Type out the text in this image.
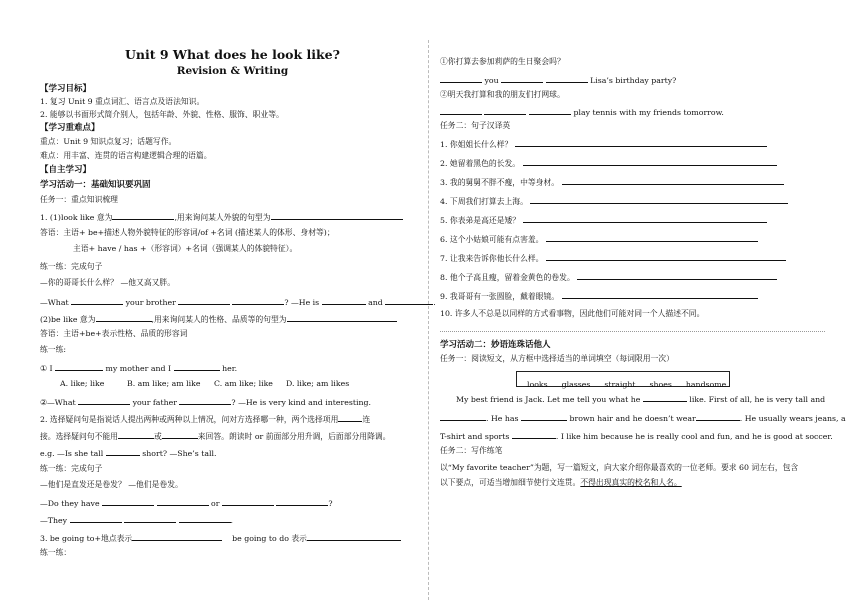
Unit 9 What does he look like?
Revision & Writing
【学习目标】
1. 复习 Unit 9 重点词汇、语言点及语法知识。
2. 能够以书面形式简介别人，包括年龄、外貌、性格、服饰、职业等。
【学习重难点】
重点：Unit 9 知识点复习；话题写作。
难点：用丰富、连贯的语言构建逻辑合理的语篇。
【自主学习】
学习活动一：基础知识要巩固
任务一：重点知识梳理
1. (1)look like 意为	,用来询问某人外貌的句型为
答语：主语+ be+描述人物外貌特征的形容词/of +名词 (描述某人的体形、身材等)；
主语+ have / has +（形容词）+名词（强调某人的体貌特征）。
练一练：完成句子
—你的哥哥长什么样？ —他又高又胖。
—What	your brother	? —He is	and	.
(2)be like 意为	,用来询问某人的性格、品质等的句型为
答语：主语+be+表示性格、品质的形容词
练一练:
① I	my mother and I	her.
A. like; like	B. am like; am like C. am like; like D. like; am likes
②—What	your father	? —He is very kind and interesting.
2. 选择疑问句是指说话人提出两种或两种以上情况，问对方选择哪一种，两个选择项用	连
接。选择疑问句不能用	或	来回答。朗读时 or 前面部分用升调，后面部分用降调。
e.g. —Is she tall	short? —She’s tall.
练一练：完成句子
—他们是直发还是卷发？ —他们是卷发。
—Do they have	or	?
—They	.
3. be going to+地点表示	be going to do 表示
练一练：
①你打算去参加莉萨的生日聚会吗？
you	Lisa’s birthday party?
②明天我打算和我的朋友们打网球。
play tennis with my friends tomorrow.
任务二：句子汉译英
1. 你姐姐长什么样？
2. 她留着黑色的长发。
3. 我的舅舅不胖不瘦，中等身材。
4. 下周我们打算去上海。
5. 你表弟是高还是矮？
6. 这个小姑娘可能有点害羞。
7. 让我来告诉你他长什么样。
8. 他个子高且瘦，留着金黄色的卷发。
9. 我哥哥有一张圆脸，戴着眼镜。
10. 许多人不总是以同样的方式看事物，因此他们可能对同一个人描述不同。
学习活动二：妙语连珠话他人
任务一：阅读短文，从方框中选择适当的单词填空（每词限用一次）
looks glasses straight shoes handsome
My best friend is Jack. Let me tell you what he	like. First of all, he is very tall and
. He has	brown hair and he doesn’t wear	. He usually wears jeans, a
T-shirt and sports	. I like him because he is really cool and fun, and he is good at soccer.
任务二：写作练笔
以“My favorite teacher”为题，写一篇短文，向大家介绍你最喜欢的一位老师。要求 60 词左右，包含
以下要点，可适当增加细节使行文连贯。不得出现真实的校名和人名。
